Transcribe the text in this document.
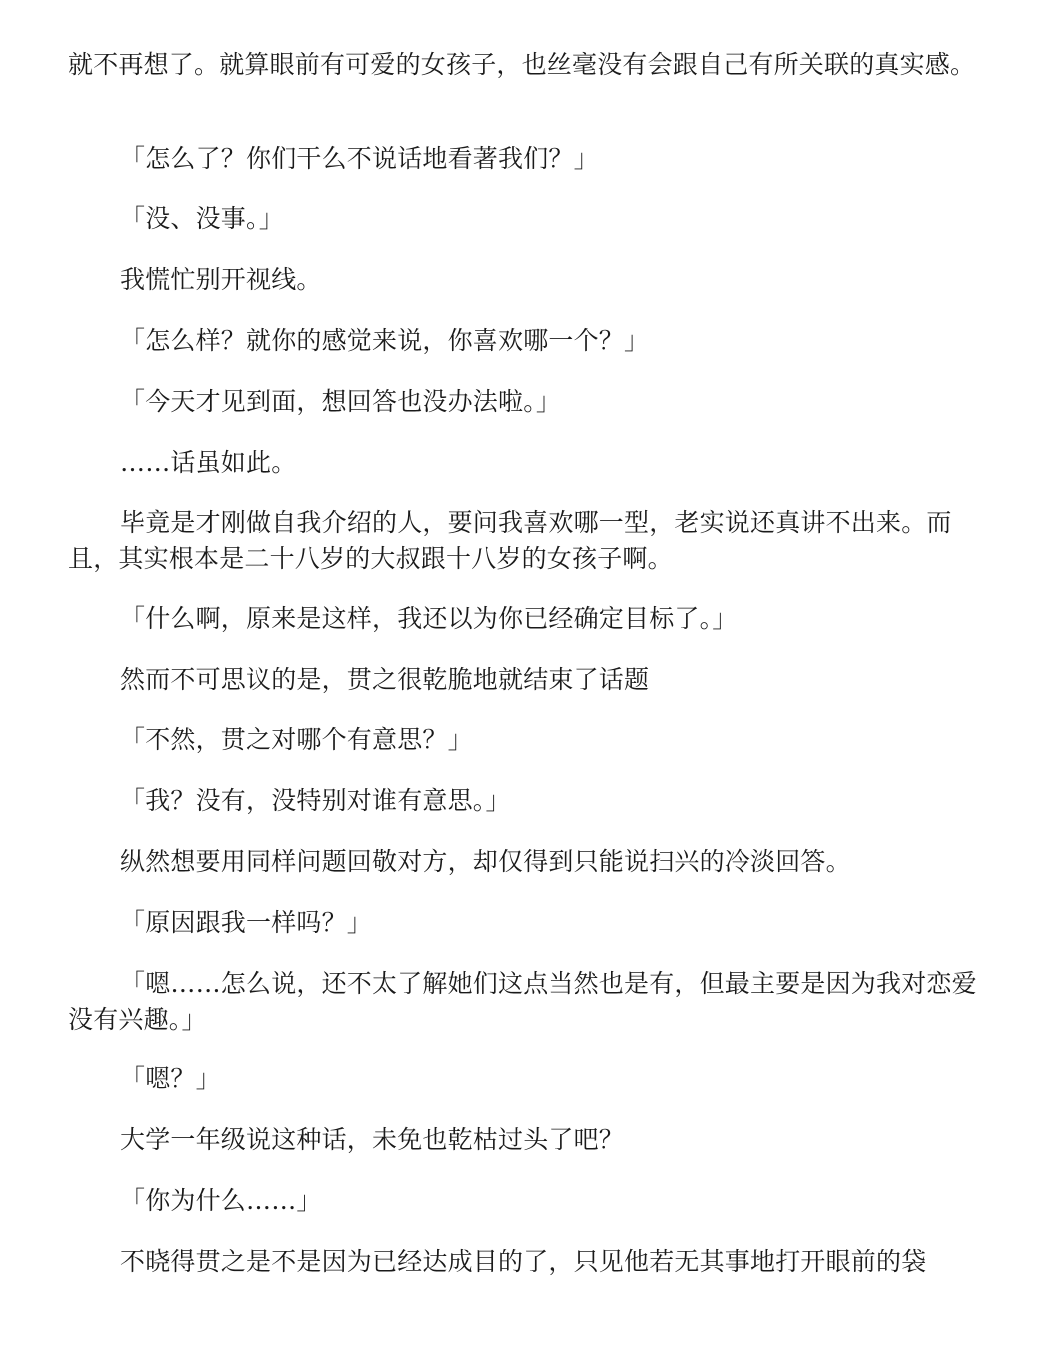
就不再想了。就算眼前有可爱的女孩子，也丝毫没有会跟自己有所关联的真实感。

「怎么了？你们干么不说话地看著我们？」

「没、没事。」

我慌忙别开视线。

「怎么样？就你的感觉来说，你喜欢哪一个？」

「今天才见到面，想回答也没办法啦。」

……话虽如此。

毕竟是才刚做自我介绍的人，要问我喜欢哪一型，老实说还真讲不出来。而且，其实根本是二十八岁的大叔跟十八岁的女孩子啊。

「什么啊，原来是这样，我还以为你已经确定目标了。」

然而不可思议的是，贯之很乾脆地就结束了话题

「不然，贯之对哪个有意思？」

「我？没有，没特别对谁有意思。」

纵然想要用同样问题回敬对方，却仅得到只能说扫兴的冷淡回答。

「原因跟我一样吗？」

「嗯……怎么说，还不太了解她们这点当然也是有，但最主要是因为我对恋爱没有兴趣。」

「嗯？」

大学一年级说这种话，未免也乾枯过头了吧？

「你为什么……」

不晓得贯之是不是因为已经达成目的了，只见他若无其事地打开眼前的袋
